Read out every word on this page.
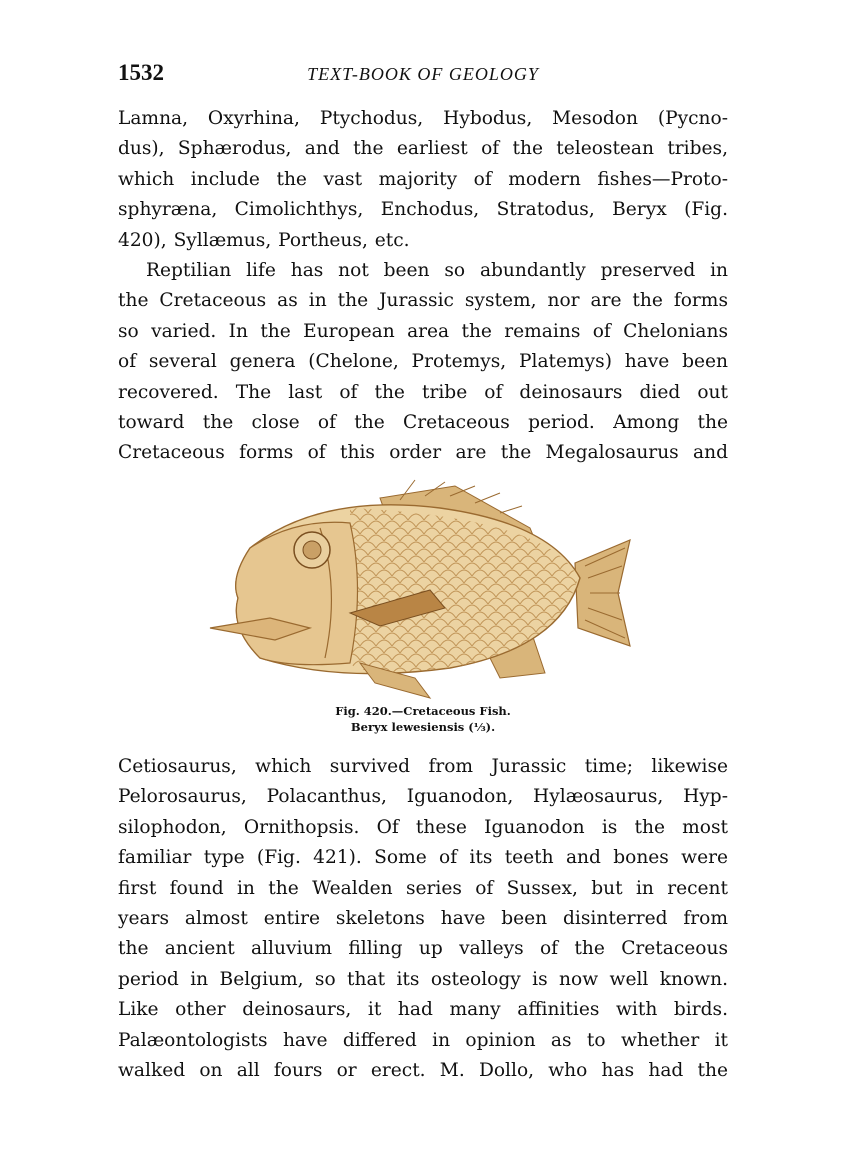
1532	TEXT-BOOK OF GEOLOGY

Lamna, Oxyrhina, Ptychodus, Hybodus, Mesodon (Pycno-

dus), Sphærodus, and the earliest of the teleostean tribes,

which include the vast majority of modern fishes—Proto-

sphyræna, Cimolichthys, Enchodus, Stratodus, Beryx (Fig.

420), Syllæmus, Portheus, etc.

Reptilian life has not been so abundantly preserved in

the Cretaceous as in the Jurassic system, nor are the forms

so varied. In the European area the remains of Chelonians

of several genera (Chelone, Protemys, Platemys) have been

recovered. The last of the tribe of deinosaurs died out

toward the close of the Cretaceous period. Among the

Cretaceous forms of this order are the Megalosaurus and

Fig. 420.—Cretaceous Fish.
Beryx lewesiensis (⅓).

Cetiosaurus, which survived from Jurassic time; likewise

Pelorosaurus, Polacanthus, Iguanodon, Hylæosaurus, Hyp-

silophodon, Ornithopsis. Of these Iguanodon is the most

familiar type (Fig. 421). Some of its teeth and bones were

first found in the Wealden series of Sussex, but in recent

years almost entire skeletons have been disinterred from

the ancient alluvium filling up valleys of the Cretaceous

period in Belgium, so that its osteology is now well known.

Like other deinosaurs, it had many affinities with birds.

Palæontologists have differed in opinion as to whether it

walked on all fours or erect. M. Dollo, who has had the
